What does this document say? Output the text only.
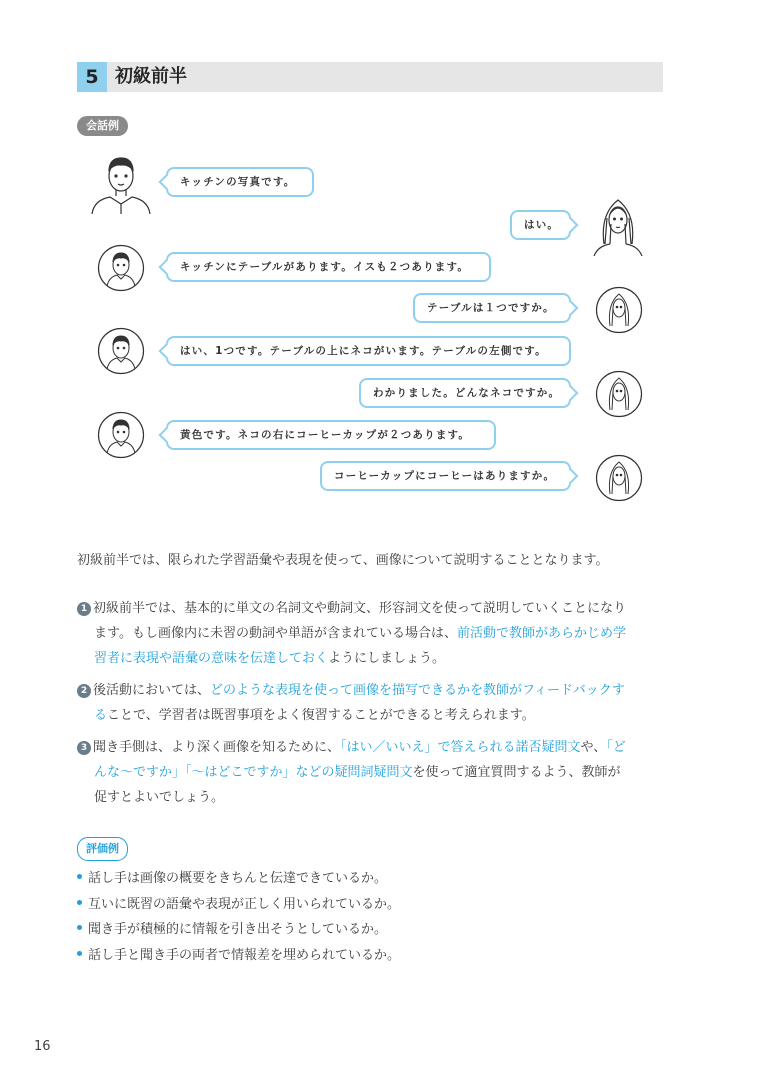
5 初級前半
会話例
キッチンの写真です。
はい。
キッチンにテーブルがあります。イスも２つあります。
テーブルは１つですか。
はい、1つです。テーブルの上にネコがいます。テーブルの左側です。
わかりました。どんなネコですか。
黄色です。ネコの右にコーヒーカップが２つあります。
コーヒーカップにコーヒーはありますか。
初級前半では、限られた学習語彙や表現を使って、画像について説明することとなります。
1 初級前半では、基本的に単文の名詞文や動詞文、形容詞文を使って説明していくことになり
ます。もし画像内に未習の動詞や単語が含まれている場合は、前活動で教師があらかじめ学
習者に表現や語彙の意味を伝達しておくようにしましょう。
2 後活動においては、どのような表現を使って画像を描写できるかを教師がフィードバックす
ることで、学習者は既習事項をよく復習することができると考えられます。
3 聞き手側は、より深く画像を知るために、「はい／いいえ」で答えられる諾否疑問文や、「ど
んな～ですか」「～はどこですか」などの疑問詞疑問文を使って適宜質問するよう、教師が
促すとよいでしょう。
評価例
話し手は画像の概要をきちんと伝達できているか。
互いに既習の語彙や表現が正しく用いられているか。
聞き手が積極的に情報を引き出そうとしているか。
話し手と聞き手の両者で情報差を埋められているか。
16
